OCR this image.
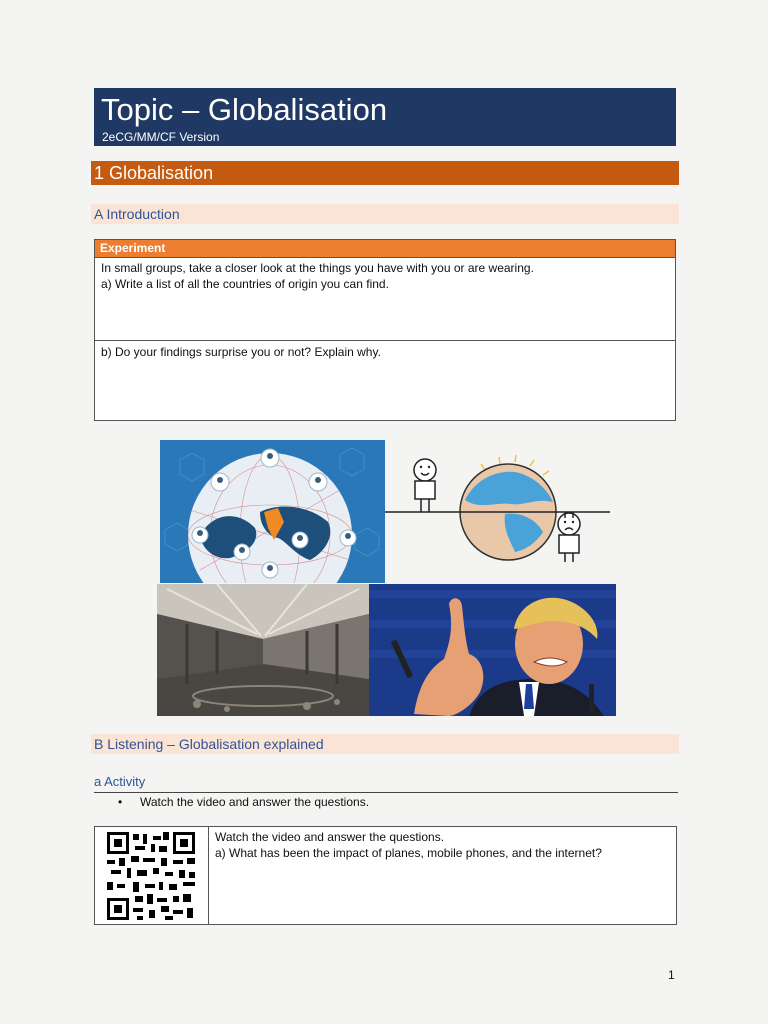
Topic – Globalisation
2eCG/MM/CF Version
1 Globalisation
A Introduction
Experiment
In small groups, take a closer look at the things you have with you or are wearing.
a) Write a list of all the countries of origin you can find.
b) Do your findings surprise you or not? Explain why.
B Listening – Globalisation explained
a Activity
• Watch the video and answer the questions.
Watch the video and answer the questions.
a) What has been the impact of planes, mobile phones, and the internet?
1
